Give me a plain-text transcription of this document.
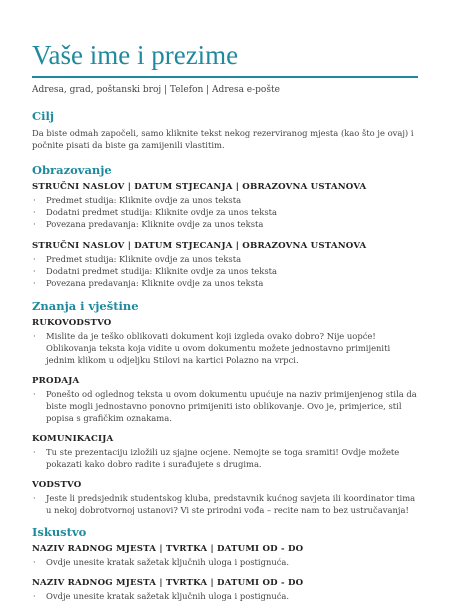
Vaše ime i prezime
Adresa, grad, poštanski broj | Telefon | Adresa e-pošte
Cilj
Da biste odmah započeli, samo kliknite tekst nekog rezerviranog mjesta (kao što je ovaj) i počnite pisati da biste ga zamijenili vlastitim.
Obrazovanje
STRUČNI NASLOV | DATUM STJECANJA | OBRAZOVNA USTANOVA
· Predmet studija: Kliknite ovdje za unos teksta
· Dodatni predmet studija: Kliknite ovdje za unos teksta
· Povezana predavanja: Kliknite ovdje za unos teksta
STRUČNI NASLOV | DATUM STJECANJA | OBRAZOVNA USTANOVA
· Predmet studija: Kliknite ovdje za unos teksta
· Dodatni predmet studija: Kliknite ovdje za unos teksta
· Povezana predavanja: Kliknite ovdje za unos teksta
Znanja i vještine
RUKOVODSTVO
· Mislite da je teško oblikovati dokument koji izgleda ovako dobro? Nije uopće! Oblikovanja teksta koja vidite u ovom dokumentu možete jednostavno primijeniti jednim klikom u odjeljku Stilovi na kartici Polazno na vrpci.
PRODAJA
· Ponešto od oglednog teksta u ovom dokumentu upućuje na naziv primijenjenog stila da biste mogli jednostavno ponovno primijeniti isto oblikovanje. Ovo je, primjerice, stil popisa s grafičkim oznakama.
KOMUNIKACIJA
· Tu ste prezentaciju izložili uz sjajne ocjene. Nemojte se toga sramiti! Ovdje možete pokazati kako dobro radite i surađujete s drugima.
VODSTVO
· Jeste li predsjednik studentskog kluba, predstavnik kućnog savjeta ili koordinator tima u nekoj dobrotvornoj ustanovi? Vi ste prirodni vođa – recite nam to bez ustručavanja!
Iskustvo
NAZIV RADNOG MJESTA | TVRTKA | DATUMI OD - DO
· Ovdje unesite kratak sažetak ključnih uloga i postignuća.
NAZIV RADNOG MJESTA | TVRTKA | DATUMI OD - DO
· Ovdje unesite kratak sažetak ključnih uloga i postignuća.
